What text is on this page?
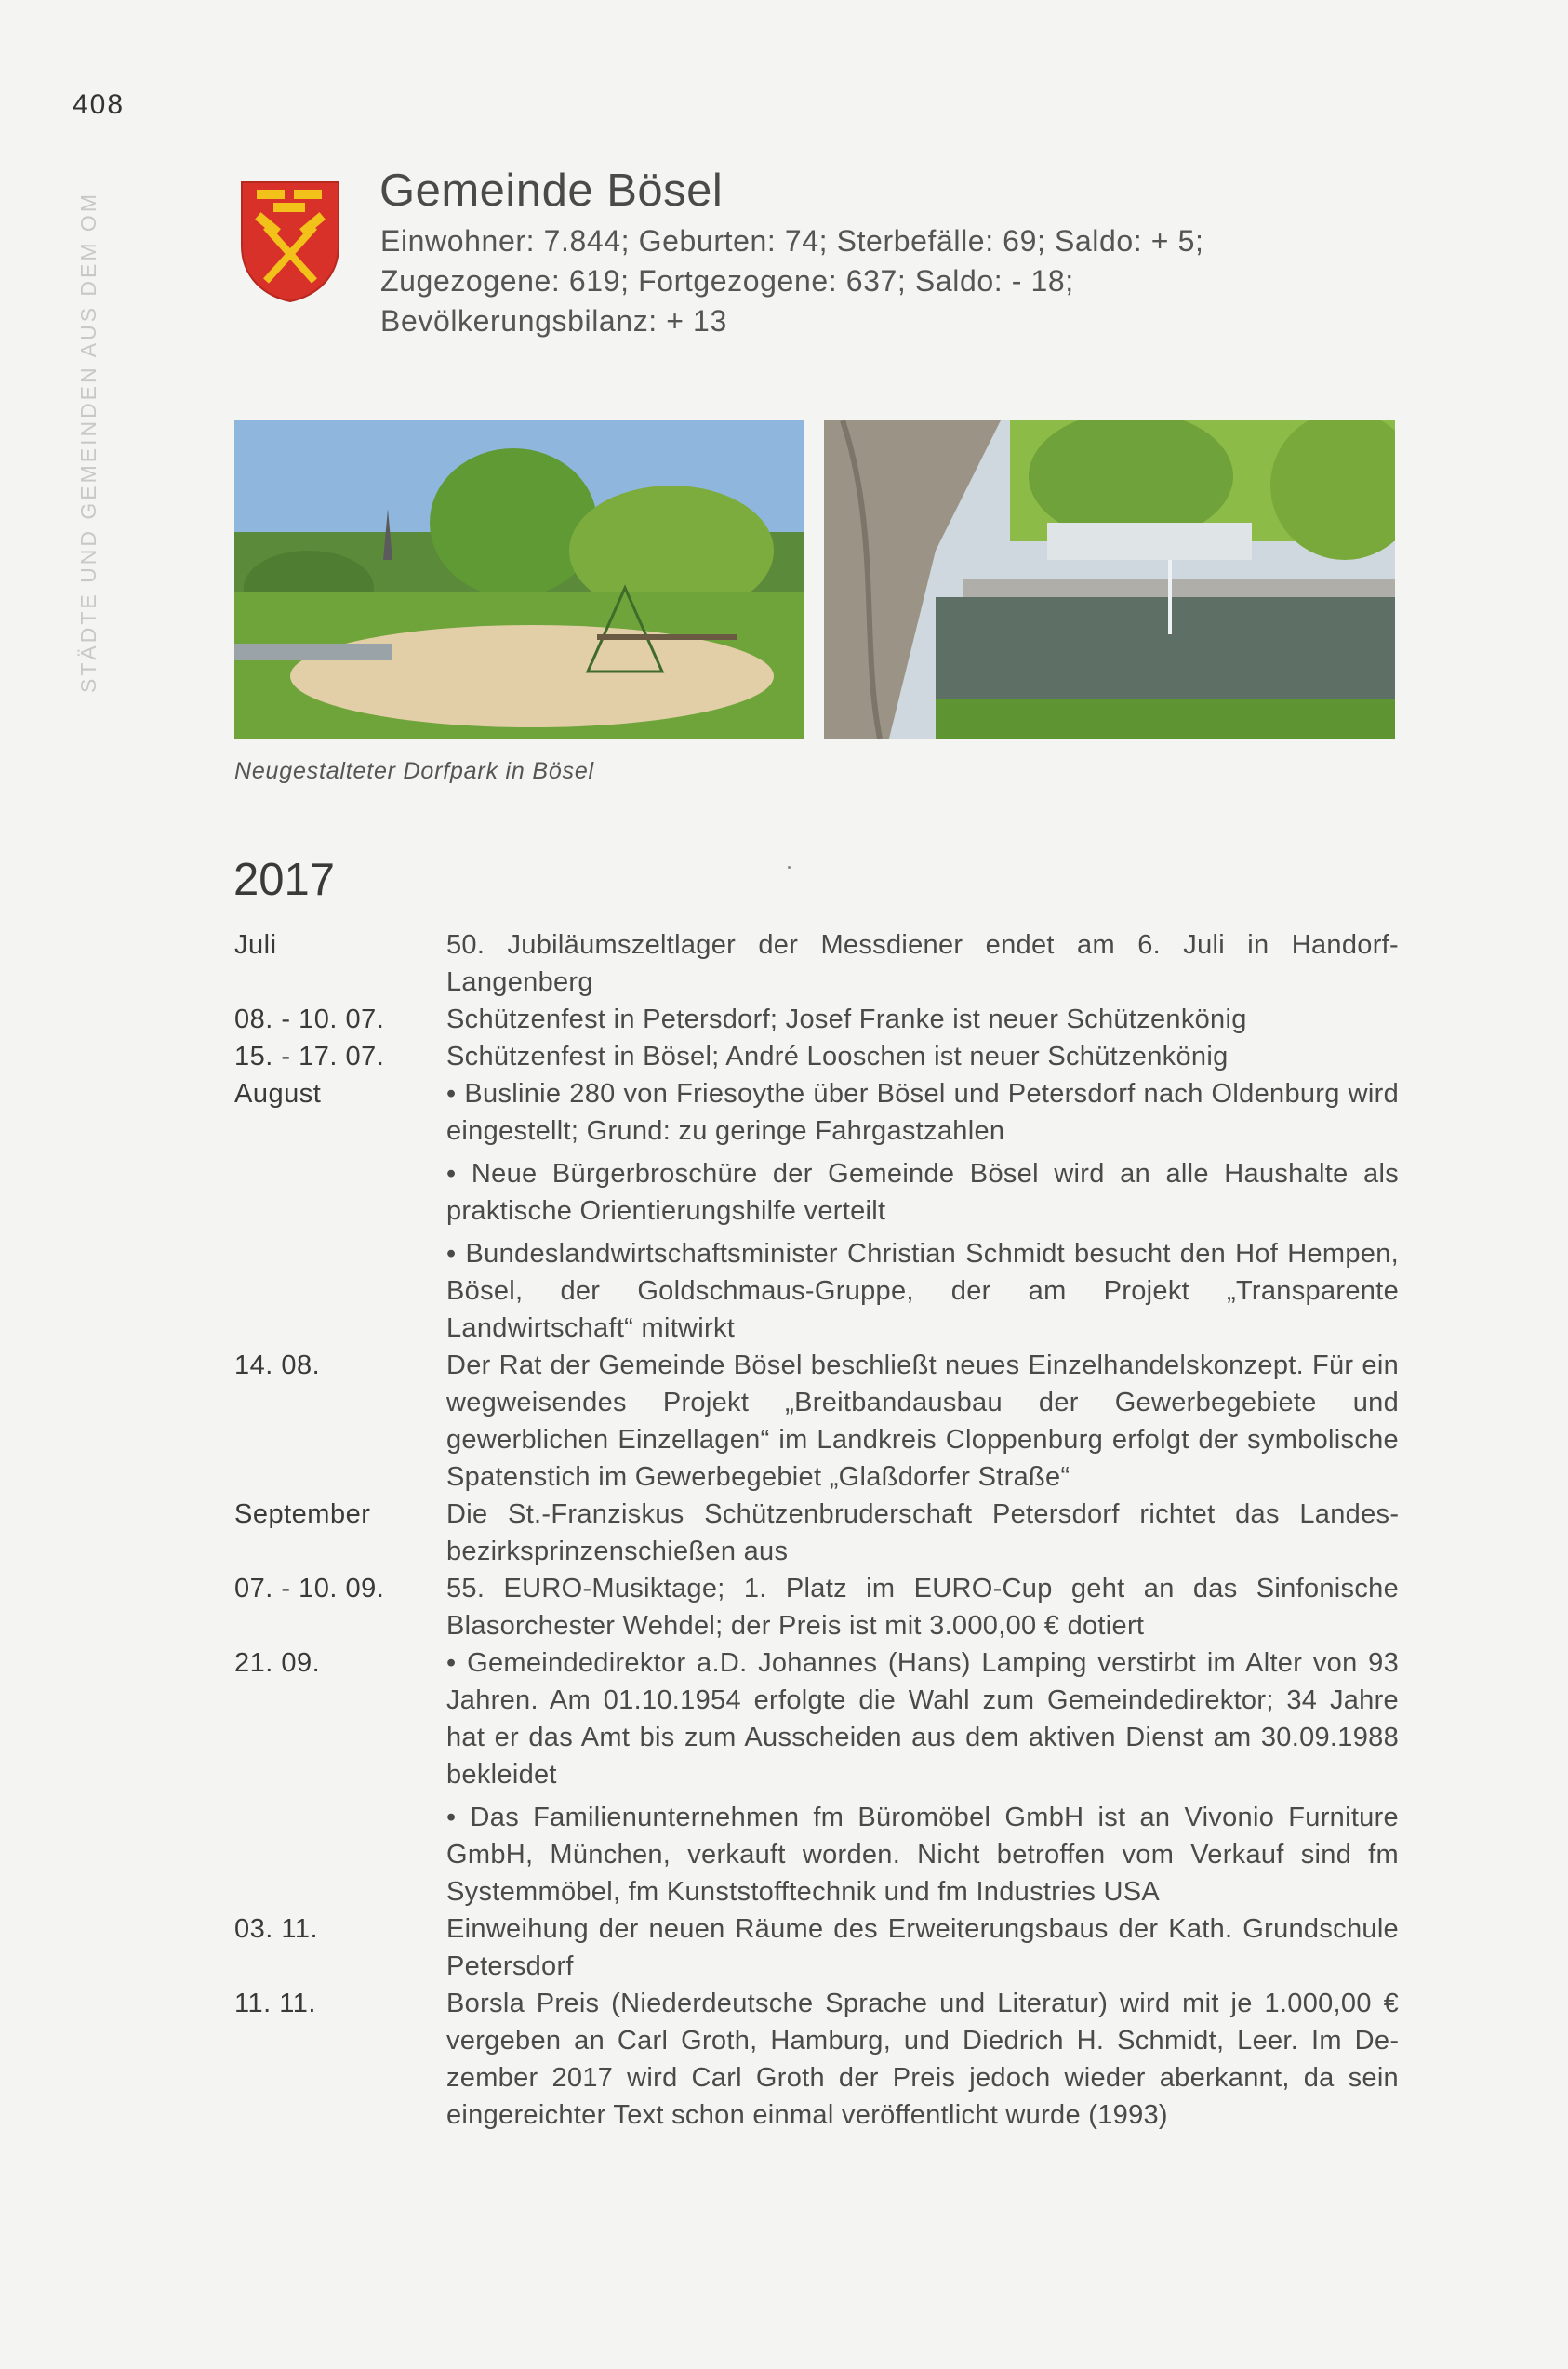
408
STÄDTE UND GEMEINDEN AUS DEM OM
Gemeinde Bösel
Einwohner: 7.844; Geburten: 74; Sterbefälle: 69; Saldo: + 5;
Zugezogene: 619; Fortgezogene: 637; Saldo: - 18;
Bevölkerungsbilanz: + 13
Neugestalteter Dorfpark in Bösel
2017
Juli	50. Jubiläumszeltlager der Messdiener endet am 6. Juli in Handorf-Langenberg
08. - 10. 07.	Schützenfest in Petersdorf; Josef Franke ist neuer Schützenkönig
15. - 17. 07.	Schützenfest in Bösel; André Looschen ist neuer Schützenkönig
August	• Buslinie 280 von Friesoythe über Bösel und Petersdorf nach Oldenburg wird eingestellt; Grund: zu geringe Fahrgastzahlen
• Neue Bürgerbroschüre der Gemeinde Bösel wird an alle Haushalte als praktische Orientierungshilfe verteilt
• Bundeslandwirtschaftsminister Christian Schmidt besucht den Hof Hempen, Bösel, der Goldschmaus-Gruppe, der am Projekt „Transparente Landwirtschaft“ mitwirkt
14. 08.	Der Rat der Gemeinde Bösel beschließt neues Einzelhandelskonzept. Für ein wegweisendes Projekt „Breitbandausbau der Gewerbegebiete und gewerblichen Einzellagen“ im Landkreis Cloppenburg erfolgt der symbolische Spatenstich im Gewerbegebiet „Glaßdorfer Straße“
September	Die St.-Franziskus Schützenbruderschaft Petersdorf richtet das Landesbezirksprinzenschießen aus
07. - 10. 09.	55. EURO-Musiktage; 1. Platz im EURO-Cup geht an das Sinfonische Blasorchester Wehdel; der Preis ist mit 3.000,00 € dotiert
21. 09.	• Gemeindedirektor a.D. Johannes (Hans) Lamping verstirbt im Alter von 93 Jahren. Am 01.10.1954 erfolgte die Wahl zum Gemeindedirektor; 34 Jahre hat er das Amt bis zum Ausscheiden aus dem aktiven Dienst am 30.09.1988 bekleidet
• Das Familienunternehmen fm Büromöbel GmbH ist an Vivonio Furniture GmbH, München, verkauft worden. Nicht betroffen vom Verkauf sind fm Systemmöbel, fm Kunststofftechnik und fm Industries USA
03. 11.	Einweihung der neuen Räume des Erweiterungsbaus der Kath. Grundschule Petersdorf
11. 11.	Borsla Preis (Niederdeutsche Sprache und Literatur) wird mit je 1.000,00 € vergeben an Carl Groth, Hamburg, und Diedrich H. Schmidt, Leer. Im Dezember 2017 wird Carl Groth der Preis jedoch wieder aberkannt, da sein eingereichter Text schon einmal veröffentlicht wurde (1993)
